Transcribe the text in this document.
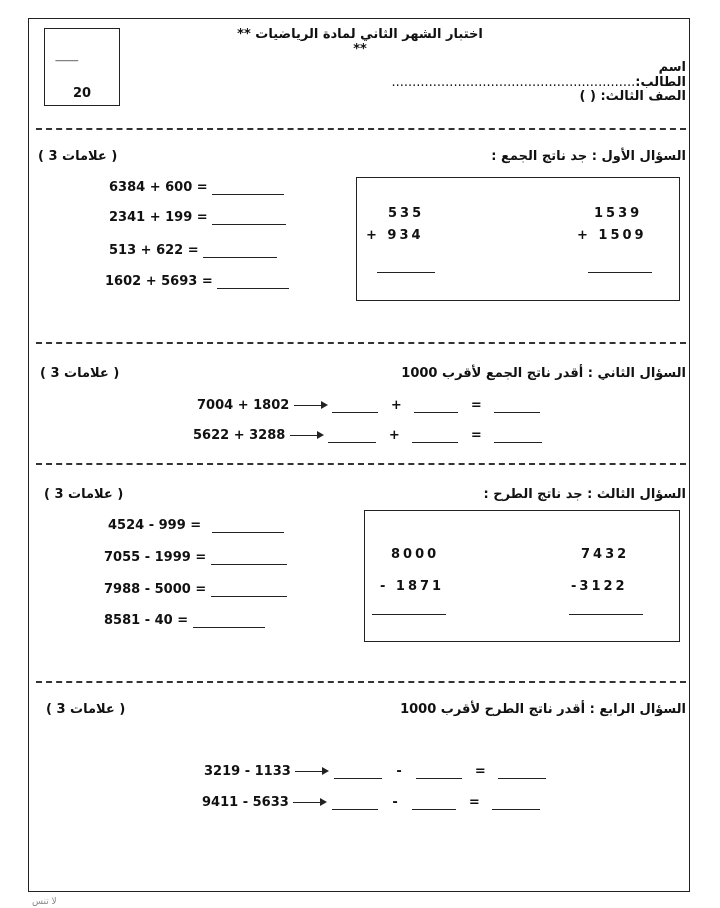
** اختبار الشهر الثاني لمادة الرياضيات **
20
------------	اسم الطالب:...........................................................
الصف الثالث: ( )
السؤال الأول : جد ناتج الجمع :
( 3 علامات )
6384 + 600 =
2341 + 199 =
513 + 622 =
1602 + 5693 =
535
+ 934
1539
+ 1509
السؤال الثاني : أقدر ناتج الجمع لأقرب 1000
( 3 علامات )
7004 + 1802	+	=
5622 + 3288	+	=
السؤال الثالث : جد ناتج الطرح :
( 3 علامات )
4524 - 999 =
7055 - 1999 =
7988 - 5000 =
8581 - 40 =
8000
- 1871
7432
-3122
السؤال الرابع : أقدر ناتج الطرح لأقرب 1000
( 3 علامات )
3219 - 1133	-	=
9411 - 5633	-	=
لا تنس
